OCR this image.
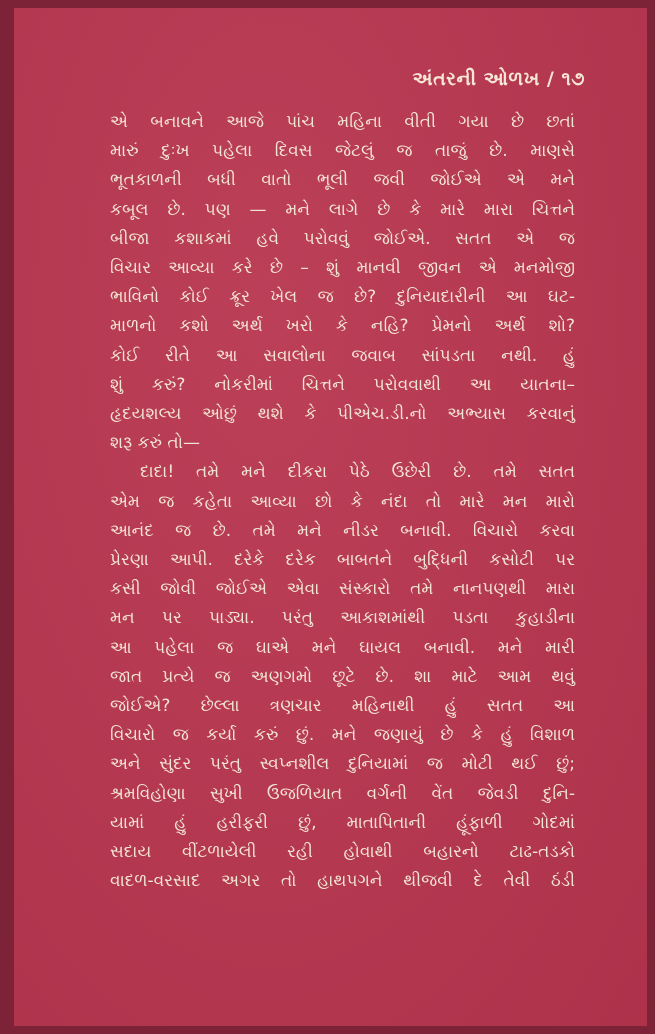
અંતરની ઓળખ / ૧૭
એ બનાવને આજે પાંચ મહિના વીતી ગયા છે છતાં
મારું દુઃખ પહેલા દિવસ જેટલું જ તાજું છે. માણસે
ભૂતકાળની બધી વાતો ભૂલી જવી જોઈએ એ મને
કબૂલ છે. પણ — મને લાગે છે કે મારે મારા ચિત્તને
બીજા કશાકમાં હવે પરોવવું જોઈએ. સતત એ જ
વિચાર આવ્યા કરે છે – શું માનવી જીવન એ મનમોજી
ભાવિનો કોઈ ક્રૂર ખેલ જ છે? દુનિયાદારીની આ ઘટ-
માળનો કશો અર્થ ખરો કે નહિ? પ્રેમનો અર્થ શો?
કોઈ રીતે આ સવાલોના જવાબ સાંપડતા નથી. હું
શું કરું? નોકરીમાં ચિત્તને પરોવવાથી આ યાતના–
હૃદયશલ્ય ઓછું થશે કે પીએચ.ડી.નો અભ્યાસ કરવાનું
શરૂ કરું તો—
દાદા! તમે મને દીકરા પેઠે ઉછેરી છે. તમે સતત
એમ જ કહેતા આવ્યા છો કે નંદા તો મારે મન મારો
આનંદ જ છે. તમે મને નીડર બનાવી. વિચારો કરવા
પ્રેરણા આપી. દરેકે દરેક બાબતને બુદ્ધિની કસોટી પર
કસી જોવી જોઈએ એવા સંસ્કારો તમે નાનપણથી મારા
મન પર પાડ્યા. પરંતુ આકાશમાંથી પડતા કુહાડીના
આ પહેલા જ ઘાએ મને ઘાયલ બનાવી. મને મારી
જાત પ્રત્યે જ અણગમો છૂટે છે. શા માટે આમ થવું
જોઈએ? છેલ્લા ત્રણચાર મહિનાથી હું સતત આ
વિચારો જ કર્યા કરું છું. મને જણાયું છે કે હું વિશાળ
અને સુંદર પરંતુ સ્વપ્નશીલ દુનિયામાં જ મોટી થઈ છું;
શ્રમવિહોણા સુખી ઉજળિયાત વર્ગની વેંત જેવડી દુનિ-
યામાં હું હરીફરી છું, માતાપિતાની હૂંફાળી ગોદમાં
સદાય વીંટળાયેલી રહી હોવાથી બહારનો ટાઢ-તડકો
વાદળ-વરસાદ અગર તો હાથપગને થીજવી દે તેવી ઠંડી
